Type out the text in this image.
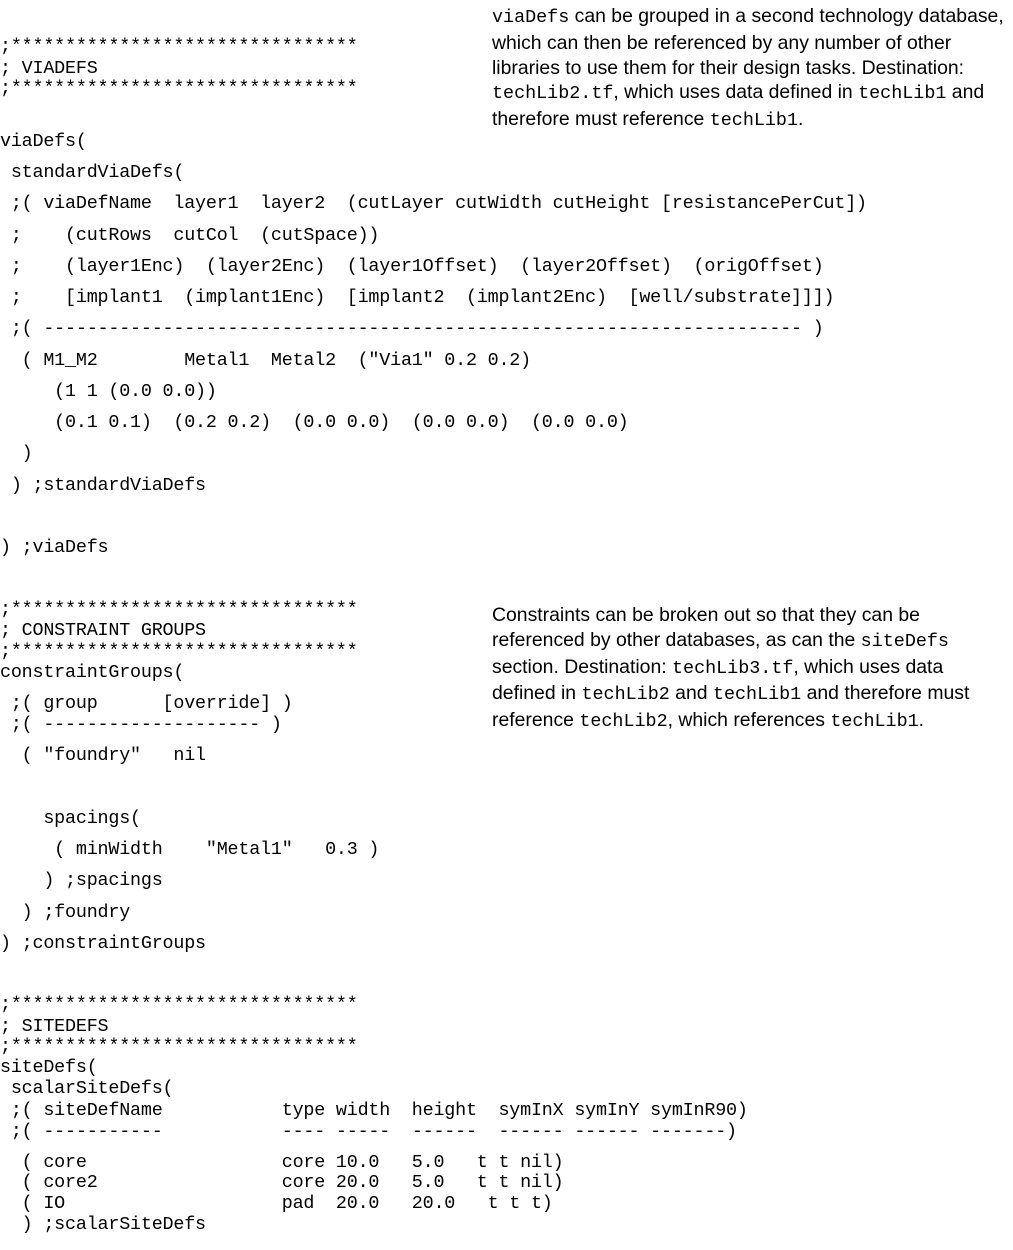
viaDefs can be grouped in a second technology database, which can then be referenced by any number of other libraries to use them for their design tasks. Destination: techLib2.tf, which uses data defined in techLib1 and therefore must reference techLib1.
Constraints can be broken out so that they can be referenced by other databases, as can the siteDefs section. Destination: techLib3.tf, which uses data defined in techLib2 and techLib1 and therefore must reference techLib2, which references techLib1.
;********************************
; VIADEFS
;********************************
viaDefs(
standardViaDefs(
;( viaDefName  layer1  layer2  (cutLayer cutWidth cutHeight [resistancePerCut])
;    (cutRows  cutCol  (cutSpace))
;    (layer1Enc)  (layer2Enc)  (layer1Offset)  (layer2Offset)  (origOffset)
;    [implant1  (implant1Enc)  [implant2  (implant2Enc)  [well/substrate]]])
;( ---------------------------------------------------------------------- )
( M1_M2        Metal1  Metal2  ("Via1" 0.2 0.2)
(1 1 (0.0 0.0))
(0.1 0.1)  (0.2 0.2)  (0.0 0.0)  (0.0 0.0)  (0.0 0.0)
)
) ;standardViaDefs
) ;viaDefs
;********************************
; CONSTRAINT GROUPS
;********************************
constraintGroups(
;( group      [override] )
;( -------------------- )
( "foundry"   nil
spacings(
( minWidth    "Metal1"   0.3 )
) ;spacings
) ;foundry
) ;constraintGroups
;********************************
; SITEDEFS
;********************************
siteDefs(
scalarSiteDefs(
;( siteDefName           type width  height  symInX symInY symInR90)
;( -----------           ---- -----  ------  ------ ------ -------)
( core                  core 10.0   5.0   t t nil)
( core2                 core 20.0   5.0   t t nil)
( IO                    pad  20.0   20.0   t t t)
) ;scalarSiteDefs
